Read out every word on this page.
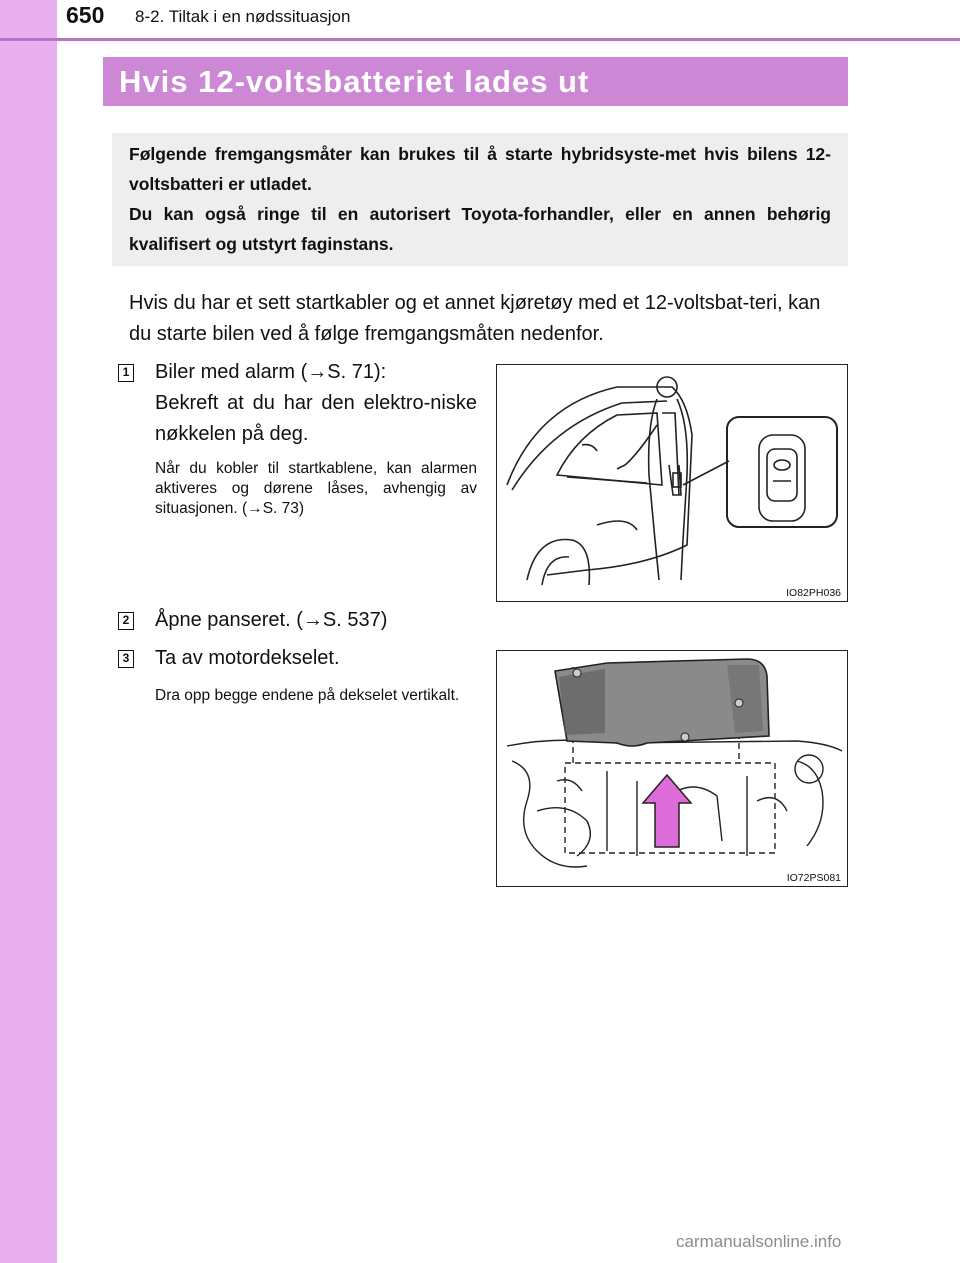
650 8-2. Tiltak i en nødssituasjon
Hvis 12-voltsbatteriet lades ut

Følgende fremgangsmåter kan brukes til å starte hybridsyste-met hvis bilens 12-voltsbatteri er utladet.

Du kan også ringe til en autorisert Toyota-forhandler, eller en annen behørig kvalifisert og utstyrt faginstans.

Hvis du har et sett startkabler og et annet kjøretøy med et 12-voltsbat-teri, kan du starte bilen ved å følge fremgangsmåten nedenfor.
1 Biler med alarm (→S. 71):

Bekreft at du har den elektro-niske nøkkelen på deg.
Når du kobler til startkablene, kan alarmen aktiveres og dørene låses, avhengig av situasjonen. (→S. 73)
IO82PH036
2 Åpne panseret. (→S. 537)
3 Ta av motordekselet.
Dra opp begge endene på dekselet vertikalt.
IO72PS081
carmanualsonline.info
